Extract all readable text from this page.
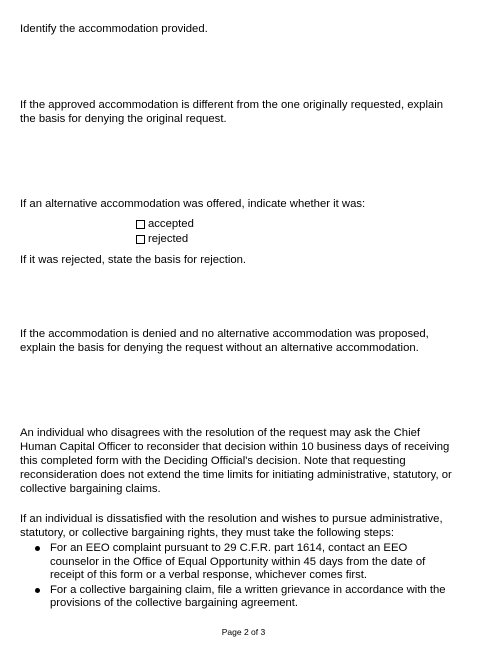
Identify the accommodation provided.

If the approved accommodation is different from the one originally requested, explain
the basis for denying the original request.

If an alternative accommodation was offered, indicate whether it was:

accepted
rejected

If it was rejected, state the basis for rejection.

If the accommodation is denied and no alternative accommodation was proposed,
explain the basis for denying the request without an alternative accommodation.

An individual who disagrees with the resolution of the request may ask the Chief
Human Capital Officer to reconsider that decision within 10 business days of receiving
this completed form with the Deciding Official's decision. Note that requesting
reconsideration does not extend the time limits for initiating administrative, statutory, or
collective bargaining claims.

If an individual is dissatisfied with the resolution and wishes to pursue administrative,
statutory, or collective bargaining rights, they must take the following steps:

For an EEO complaint pursuant to 29 C.F.R. part 1614, contact an EEO
counselor in the Office of Equal Opportunity within 45 days from the date of
receipt of this form or a verbal response, whichever comes first.
For a collective bargaining claim, file a written grievance in accordance with the
provisions of the collective bargaining agreement.
Page 2 of 3
